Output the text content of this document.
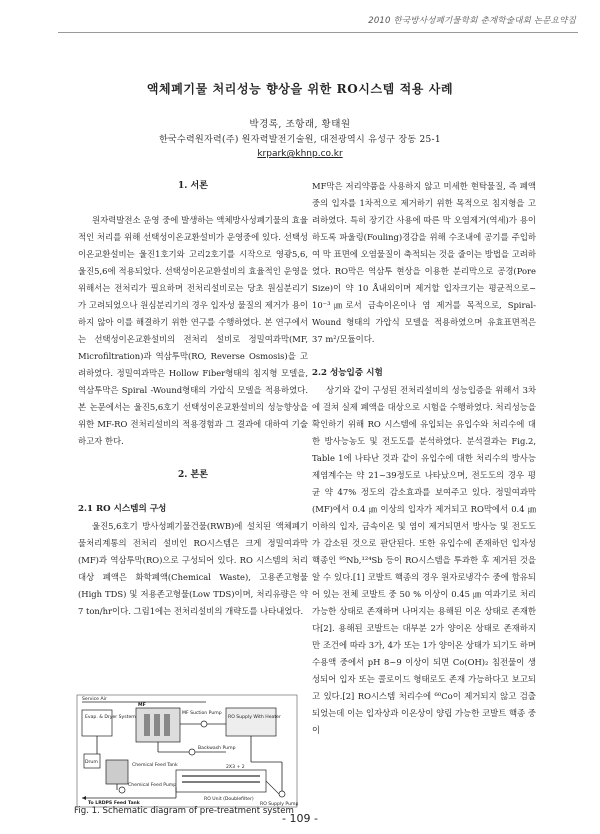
2010 한국방사성폐기물학회 춘계학술대회 논문요약집
액체폐기물 처리성능 향상을 위한 RO시스템 적용 사례
박경록, 조항래, 황태원
한국수력원자력(주) 원자력발전기술원, 대전광역시 유성구 장동 25-1
krpark@khnp.co.kr

1. 서론

원자력발전소 운영 중에 발생하는 액체방사성폐기물의 효율적인 처리를 위해 선택성이온교환설비가 운영중에 있다. 선택성이온교환설비는 울진1호기와 고리2호기를 시작으로 영광5,6, 울진5,6에 적용되었다. 선택성이온교환설비의 효율적인 운영을 위해서는 전처리가 필요하며 전처리설비로는 당초 원심분리기가 고려되었으나 원심분리기의 경우 입자성 물질의 제거가 용이하지 않아 이를 해결하기 위한 연구를 수행하였다. 본 연구에서는 선택성이온교환설비의 전처리 설비로 정밀여과막(MF, Microfiltration)과 역삼투막(RO, Reverse Osmosis)을 고려하였다. 정밀여과막은 Hollow Fiber형태의 침지형 모델을, 역삼투막은 Spiral -Wound형태의 가압식 모델을 적용하였다. 본 논문에서는 울진5,6호기 선택성이온교환설비의 성능향상을 위한 MF-RO 전처리설비의 적용경험과 그 결과에 대하여 기술하고자 한다.

2. 본론

2.1 RO 시스템의 구성

울진5,6호기 방사성폐기물건물(RWB)에 설치된 액체폐기물처리계통의 전처리 설비인 RO시스템은 크게 정밀여과막(MF)과 역삼투막(RO)으로 구성되어 있다. RO 시스템의 처리대상 폐액은 화학폐액(Chemical Waste), 고용존고형물(High TDS) 및 저용존고형물(Low TDS)이며, 처리유량은 약 7 ton/hr이다. 그림1에는 전처리설비의 개략도를 나타내었다.

MF막은 저리약품을 사용하지 않고 미세한 현탁물질, 즉 폐액중의 입자를 1차적으로 제거하기 위한 목적으로 침지형을 고려하였다. 특히 장기간 사용에 따른 막 오염제거(역세)가 용이하도록 파울링(Fouling)경감을 위해 수조내에 공기를 주입하여 막 표면에 오염물질이 축적되는 것을 줄이는 방법을 고려하였다. RO막은 역삼투 현상을 이용한 분리막으로 공경(Pore Size)이 약 10 Å내외이며 제거할 입자크기는 평균적으로~ 10⁻³㎛로서 금속이온이나 염 제거를 목적으로, Spiral-Wound 형태의 가압식 모델을 적용하였으며 유효표면적은 37 m²/모듈이다.

2.2 성능입증 시험

상기와 같이 구성된 전처리설비의 성능입증을 위해서 3차에 걸쳐 실제 폐액을 대상으로 시험을 수행하였다. 처리성능을 확인하기 위해 RO 시스템에 유입되는 유입수와 처리수에 대한 방사능농도 및 전도도를 분석하였다. 분석결과는 Fig.2, Table 1에 나타난 것과 같이 유입수에 대한 처리수의 방사능 제염계수는 약 21~39정도로 나타났으며, 전도도의 경우 평균 약 47% 정도의 감소효과를 보여주고 있다. 정밀여과막(MF)에서 0.4 ㎛ 이상의 입자가 제거되고 RO막에서 0.4 ㎛이하의 입자, 금속이온 및 염이 제거되면서 방사능 및 전도도가 감소된 것으로 판단된다. 또한 유입수에 존재하던 입자성 핵종인 ⁹⁵Nb,¹²⁴Sb 등이 RO시스템을 투과한 후 제거된 것을 알 수 있다.[1] 코발트 핵종의 경우 원자로냉각수 중에 함유되어 있는 전체 코발트 중 50 % 이상이 0.45 ㎛ 여과기로 처리 가능한 상태로 존재하며 나머지는 용해된 이온 상태로 존재한다[2]. 용해된 코발트는 대부분 2가 양이온 상태로 존재하지만 조건에 따라 3가, 4가 또는 1가 양이온 상태가 되기도 하며 수용액 중에서 pH 8~9 이상이 되면 Co(OH)₂ 침전물이 생성되어 입자 또는 콜로이드 형태로도 존재 가능하다고 보고되고 있다.[2] RO시스템 처리수에 ⁶⁰Co이 제거되지 않고 검출되었는데 이는 입자상과 이온상이 양립 가능한 코발트 핵종 중 이

Service Air
Evap. & Dryer System
MF
MF Suction Pump
RO Supply With Heater
Backwash Pump
Drum
Chemical Feed Tank
Chemical Feed Pump
2X3 + 2
RO Unit (Doublefilter)
RO Supply Pump
To LRDPS Feed Tank
Fig. 1. Schematic diagram of pre-treatment system
- 109 -
